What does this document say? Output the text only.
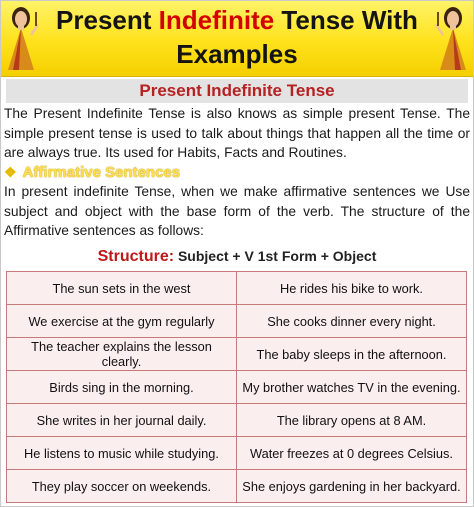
Present Indefinite Tense With Examples
Present Indefinite Tense
The Present Indefinite Tense is also knows as simple present Tense. The simple present tense is used to talk about things that happen all the time or are always true. Its used for Habits, Facts and Routines.
❖ Affirmative Sentences
In present indefinite Tense, when we make affirmative sentences we Use subject and object with the base form of the verb. The structure of the Affirmative sentences as follows:
Structure: Subject + V 1st Form + Object
The sun sets in the west	He rides his bike to work.
We exercise at the gym regularly	She cooks dinner every night.
The teacher explains the lesson clearly.	The baby sleeps in the afternoon.
Birds sing in the morning.	My brother watches TV in the evening.
She writes in her journal daily.	The library opens at 8 AM.
He listens to music while studying.	Water freezes at 0 degrees Celsius.
They play soccer on weekends.	She enjoys gardening in her backyard.
